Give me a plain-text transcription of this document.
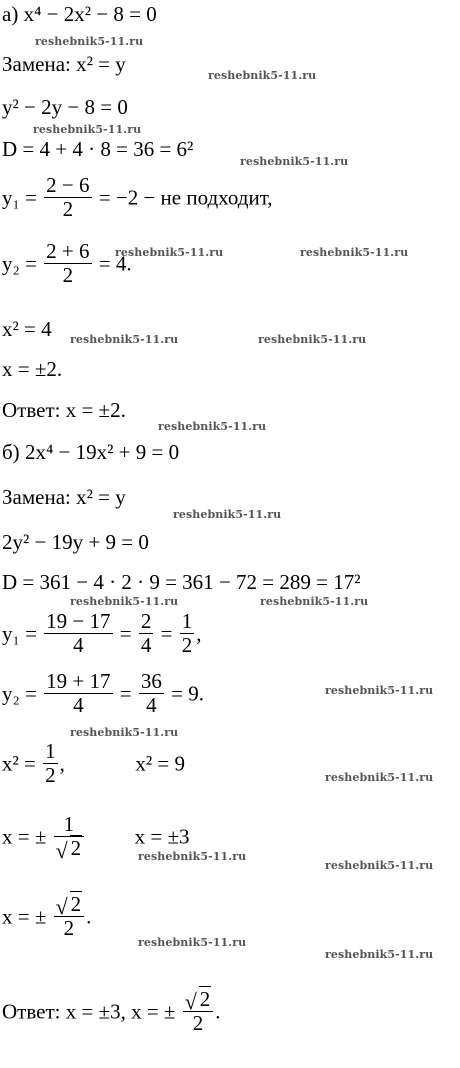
а) x⁴ − 2x² − 8 = 0
Замена: x² = y
y² − 2y − 8 = 0
D = 4 + 4 · 8 = 36 = 6²
$y_1 = \frac{2 - 6}{2} = -2$ − не подходит,
$y_2 = \frac{2 + 6}{2} = 4$.
x² = 4
x = ±2.
Ответ: x = ±2.
б) 2x⁴ − 19x² + 9 = 0
Замена: x² = y
2y² − 19y + 9 = 0
D = 361 − 4 · 2 · 9 = 361 − 72 = 289 = 17²
$y_1 = \frac{19 - 17}{4} = \frac{2}{4} = \frac{1}{2}$ ,
$y_2 = \frac{19 + 17}{4} = \frac{36}{4} = 9$.
$x^2 = \frac{1}{2}$ ,	x² = 9
x = ± $\frac{1}{√ 2}$ x = ±3
x = ± $\frac{√ 2}{2}$ .
Ответ: x = ±3, x = ± $\frac{√ 2}{2}$ .
reshebnik5-11.ru
reshebnik5-11.ru
reshebnik5-11.ru
reshebnik5-11.ru
reshebnik5-11.ru	reshebnik5-11.ru
reshebnik5-11.ru	reshebnik5-11.ru
reshebnik5-11.ru
reshebnik5-11.ru
reshebnik5-11.ru	reshebnik5-11.ru
reshebnik5-11.ru
reshebnik5-11.ru
reshebnik5-11.ru
reshebnik5-11.ru
reshebnik5-11.ru
reshebnik5-11.ru
reshebnik5-11.ru
